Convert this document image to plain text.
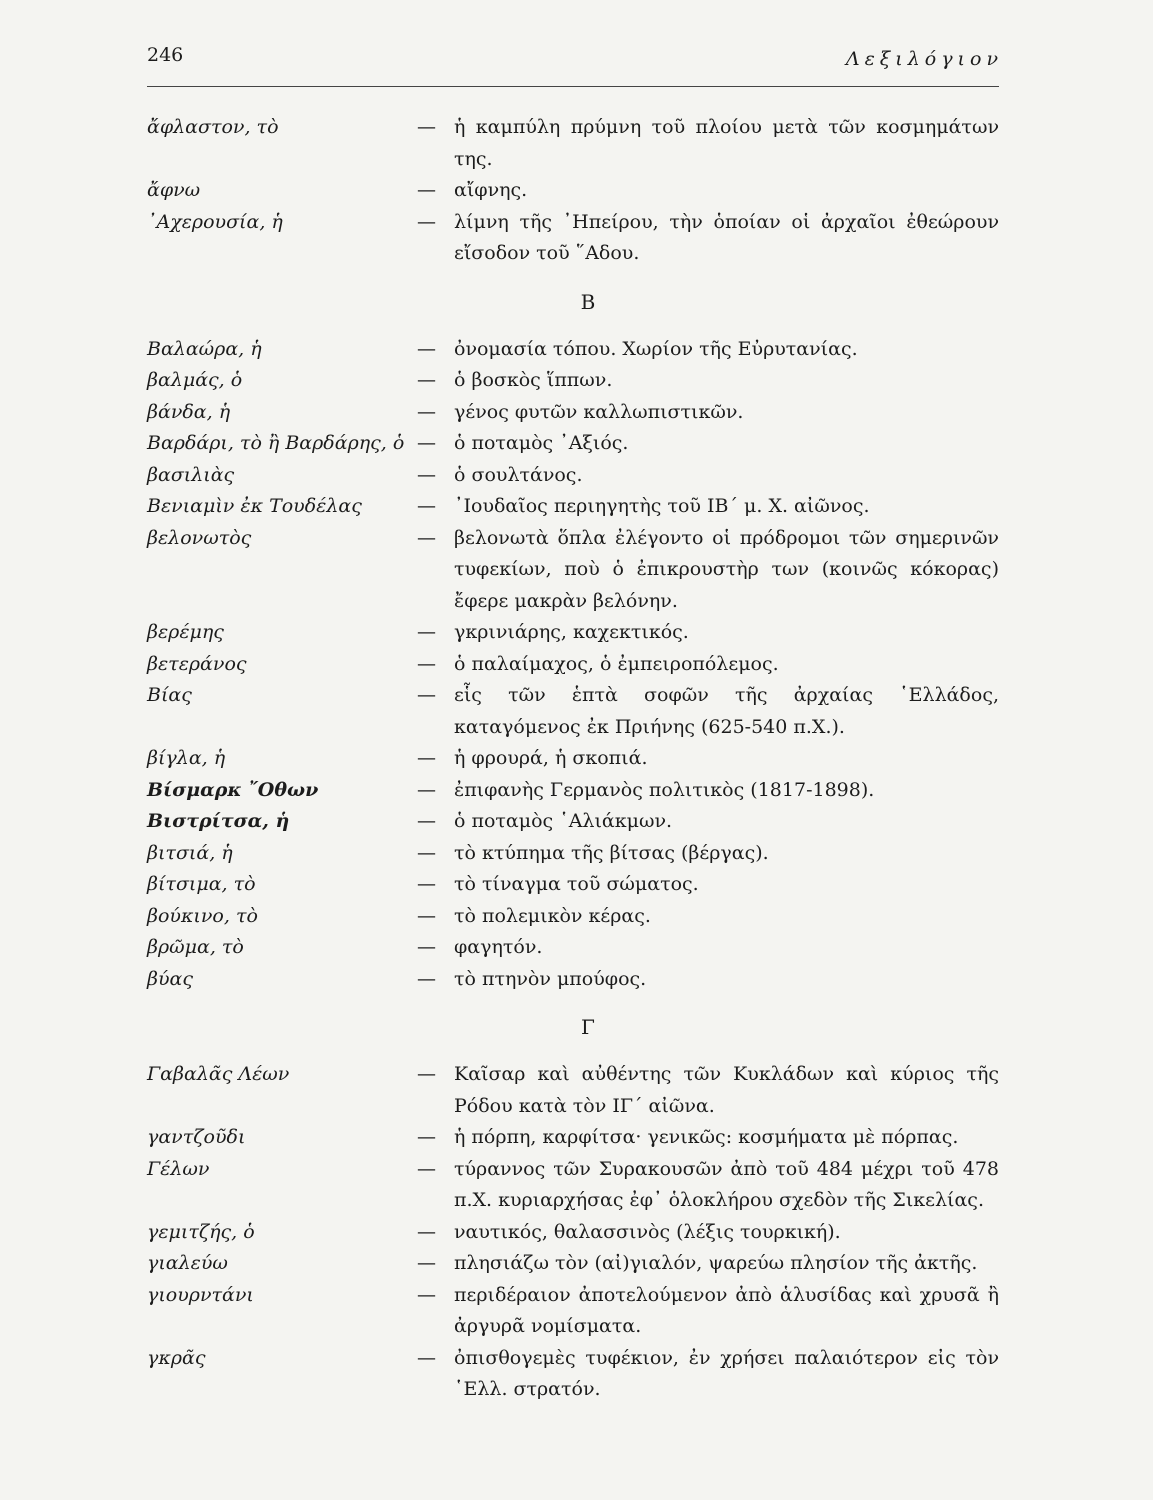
246	Λεξιλόγιον
ἄφλαστον, τὸ	— ἡ καμπύλη πρύμνη τοῦ πλοίου μετὰ τῶν κοσμημάτων της.
ἄφνω	— αἴφνης.
᾿Αχερουσία, ἡ	— λίμνη τῆς ᾿Ηπείρου, τὴν ὁποίαν οἱ ἀρχαῖοι ἐθεώρουν εἴσοδον τοῦ ῞Αδου.
Β
Βαλαώρα, ἡ	— ὀνομασία τόπου. Χωρίον τῆς Εὐρυτανίας.
βαλμάς, ὁ	— ὁ βοσκὸς ἵππων.
βάνδα, ἡ	— γένος φυτῶν καλλωπιστικῶν.
Βαρδάρι, τὸ ἢ Βαρδάρης, ὁ — ὁ ποταμὸς ᾿Αξιός.
βασιλιὰς	— ὁ σουλτάνος.
Βενιαμὶν ἐκ Τουδέλας	— ᾿Ιουδαῖος περιηγητὴς τοῦ ΙΒ΄ μ. Χ. αἰῶνος.
βελονωτὸς	— βελονωτὰ ὅπλα ἐλέγοντο οἱ πρόδρομοι τῶν σημερινῶν τυφεκίων, ποὺ ὁ ἐπικρουστὴρ των (κοινῶς κόκορας) ἔφερε μακρὰν βελόνην.
βερέμης	— γκρινιάρης, καχεκτικός.
βετεράνος	— ὁ παλαίμαχος, ὁ ἐμπειροπόλεμος.
Βίας	— εἷς τῶν ἑπτὰ σοφῶν τῆς ἀρχαίας ῾Ελλάδος, καταγόμενος ἐκ Πριήνης (625-540 π.Χ.).
βίγλα, ἡ	— ἡ φρουρά, ἡ σκοπιά.
Βίσμαρκ ῎Οθων	— ἐπιφανὴς Γερμανὸς πολιτικὸς (1817-1898).
Βιστρίτσα, ἡ	— ὁ ποταμὸς ῾Αλιάκμων.
βιτσιά, ἡ	— τὸ κτύπημα τῆς βίτσας (βέργας).
βίτσιμα, τὸ	— τὸ τίναγμα τοῦ σώματος.
βούκινο, τὸ	— τὸ πολεμικὸν κέρας.
βρῶμα, τὸ	— φαγητόν.
βύας	— τὸ πτηνὸν μπούφος.
Γ
Γαβαλᾶς Λέων	— Καῖσαρ καὶ αὐθέντης τῶν Κυκλάδων καὶ κύριος τῆς Ρόδου κατὰ τὸν ΙΓ΄ αἰῶνα.
γαντζοῦδι	— ἡ πόρπη, καρφίτσα· γενικῶς: κοσμήματα μὲ πόρπας.
Γέλων	— τύραννος τῶν Συρακουσῶν ἀπὸ τοῦ 484 μέχρι τοῦ 478 π.Χ. κυριαρχήσας ἐφ᾿ ὁλοκλήρου σχεδὸν τῆς Σικελίας.
γεμιτζής, ὁ	— ναυτικός, θαλασσινὸς (λέξις τουρκική).
γιαλεύω	— πλησιάζω τὸν (αἰ)γιαλόν, ψαρεύω πλησίον τῆς ἀκτῆς.
γιουρντάνι	— περιδέραιον ἀποτελούμενον ἀπὸ ἁλυσίδας καὶ χρυσᾶ ἢ ἀργυρᾶ νομίσματα.
γκρᾶς	— ὀπισθογεμὲς τυφέκιον, ἐν χρήσει παλαιότερον εἰς τὸν ῾Ελλ. στρατόν.
